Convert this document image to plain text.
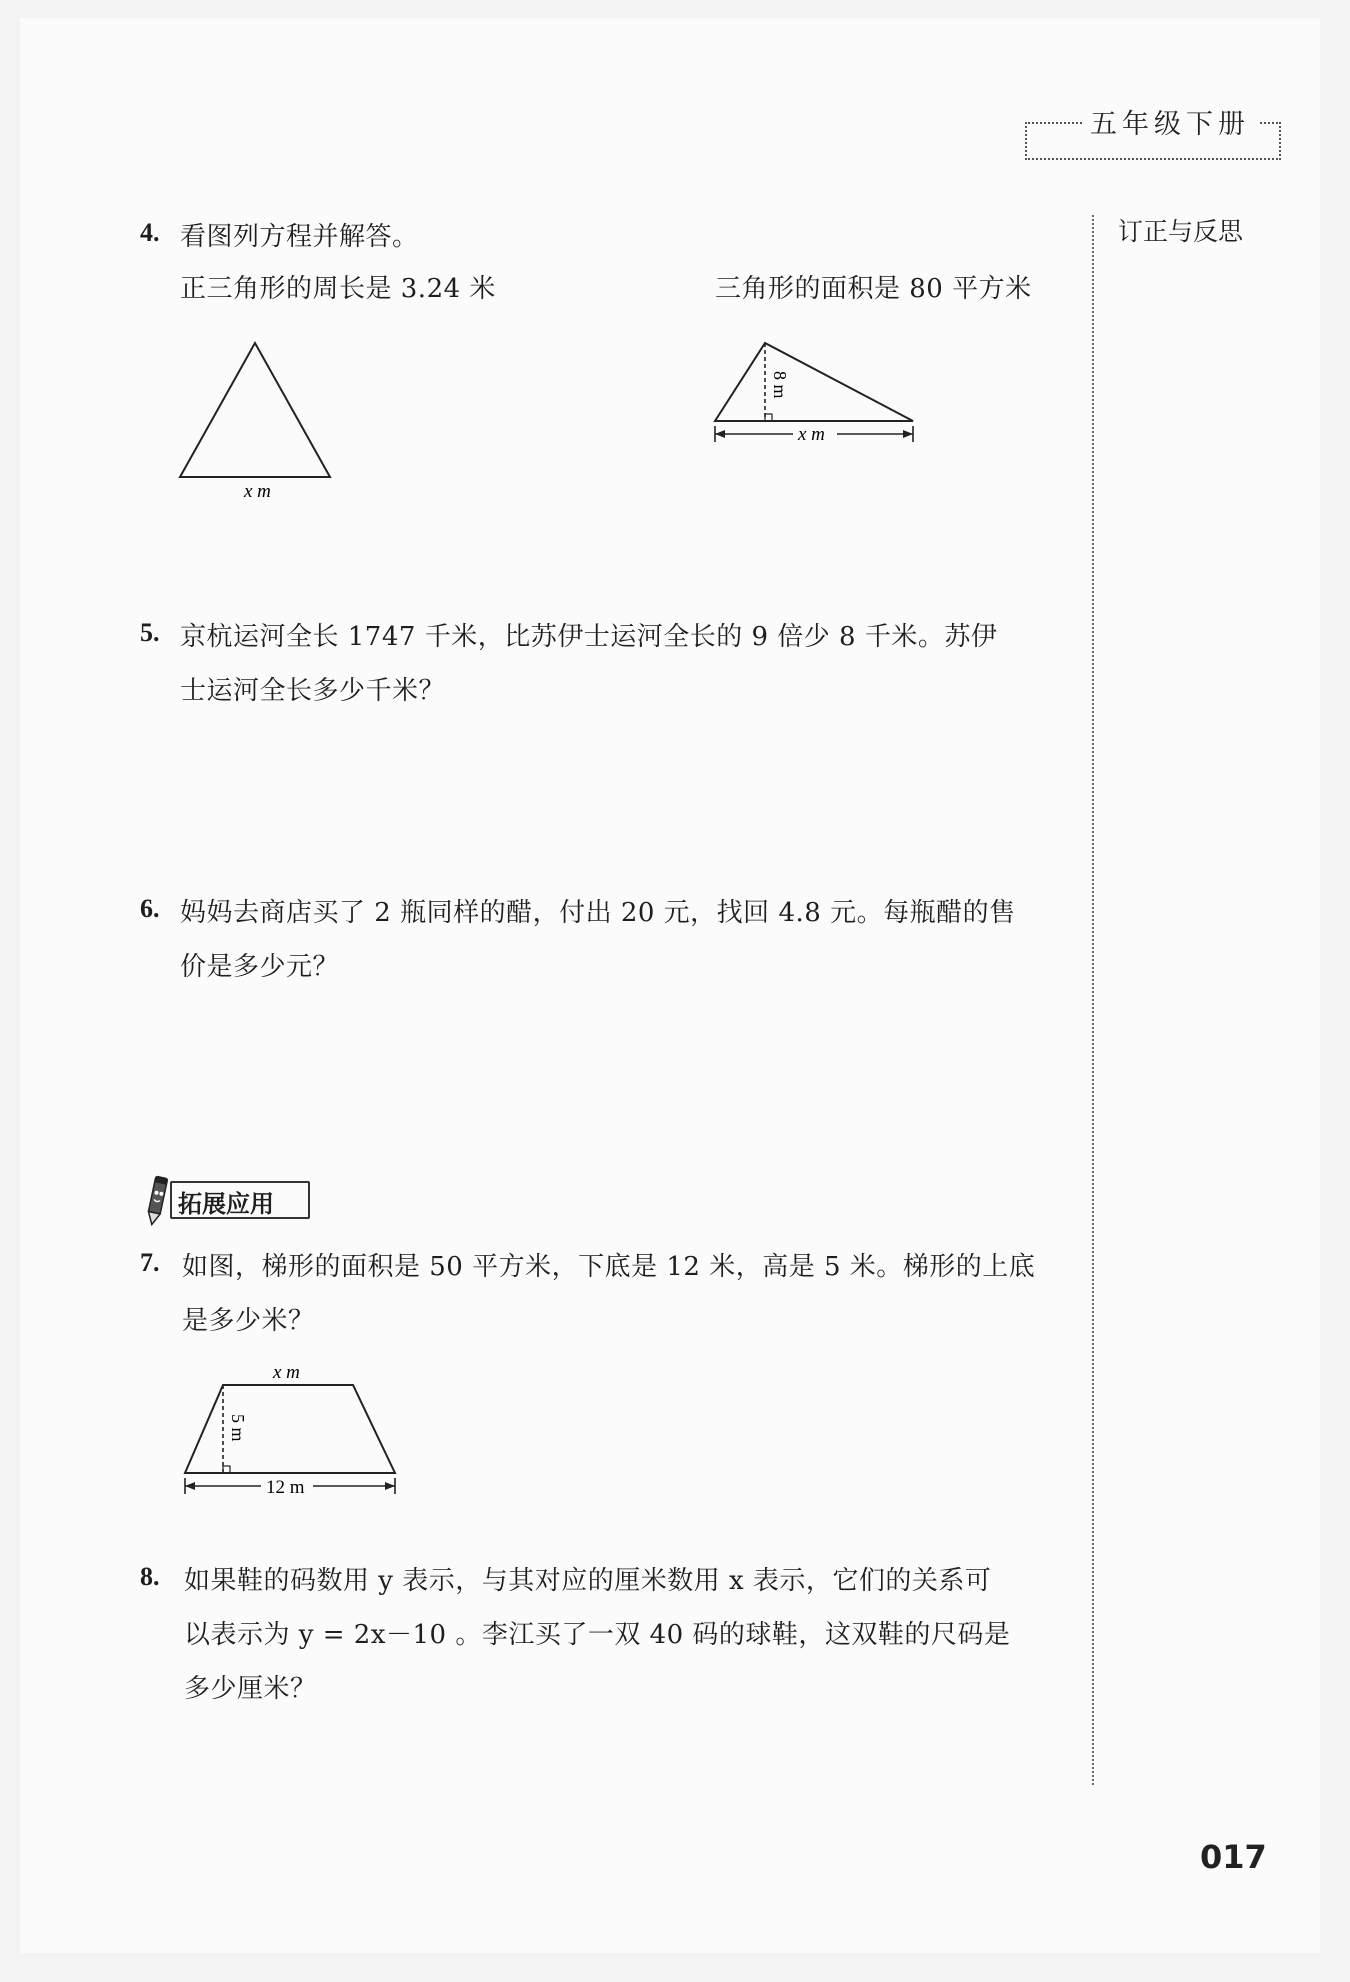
五年级下册
订正与反思
4. 看图列方程并解答。
正三角形的周长是 3.24 米	三角形的面积是 80 平方米
x m
8 m
x m
5. 京杭运河全长 1747 千米，比苏伊士运河全长的 9 倍少 8 千米。苏伊
士运河全长多少千米？
6. 妈妈去商店买了 2 瓶同样的醋，付出 20 元，找回 4.8 元。每瓶醋的售
价是多少元？
拓展应用
7. 如图，梯形的面积是 50 平方米，下底是 12 米，高是 5 米。梯形的上底
是多少米？
x m
5 m
12 m
8. 如果鞋的码数用 y 表示，与其对应的厘米数用 x 表示，它们的关系可
以表示为 y = 2x－10 。李江买了一双 40 码的球鞋，这双鞋的尺码是
多少厘米？
017
